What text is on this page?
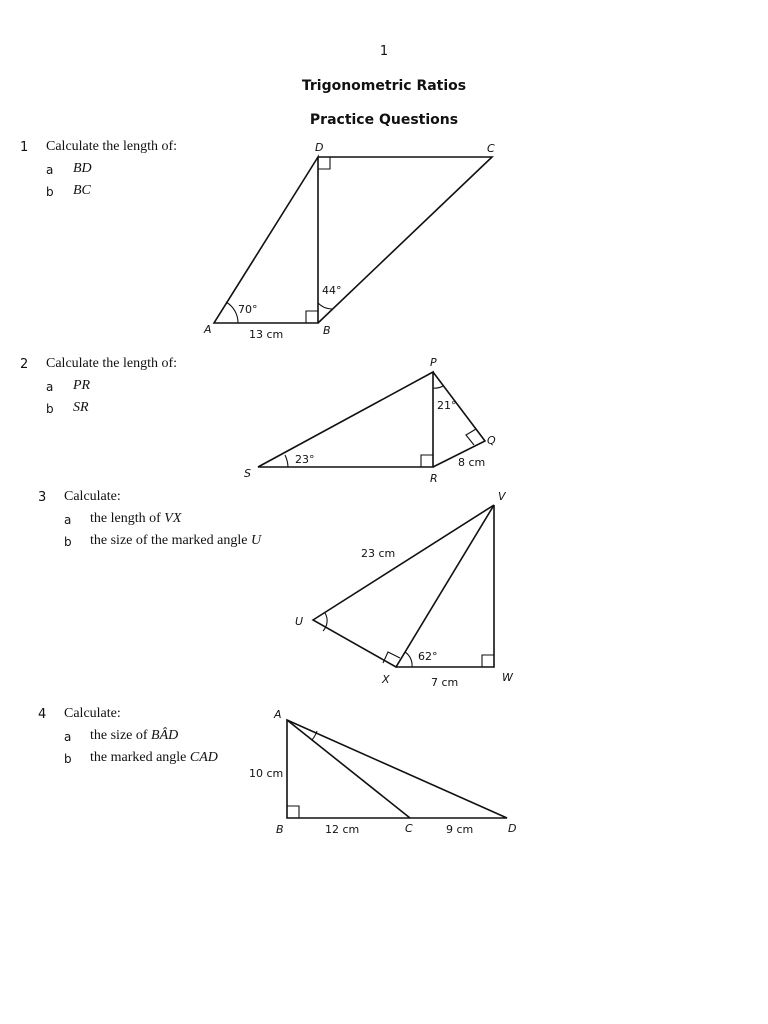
1
Trigonometric Ratios
Practice Questions
1 Calculate the length of:
a BD
b BC
2 Calculate the length of:
a PR
b SR
3 Calculate:
a the length of VX
b the size of the marked angle U
4 Calculate:
a the size of BÂD
b the marked angle CAD
A	B
C
D
70°
44°
13 cm
P
Q
R
S
21°
23°	8 cm
V
U
X	W
23 cm
62°
7 cm
A
B	C	D
10 cm
12 cm	9 cm
